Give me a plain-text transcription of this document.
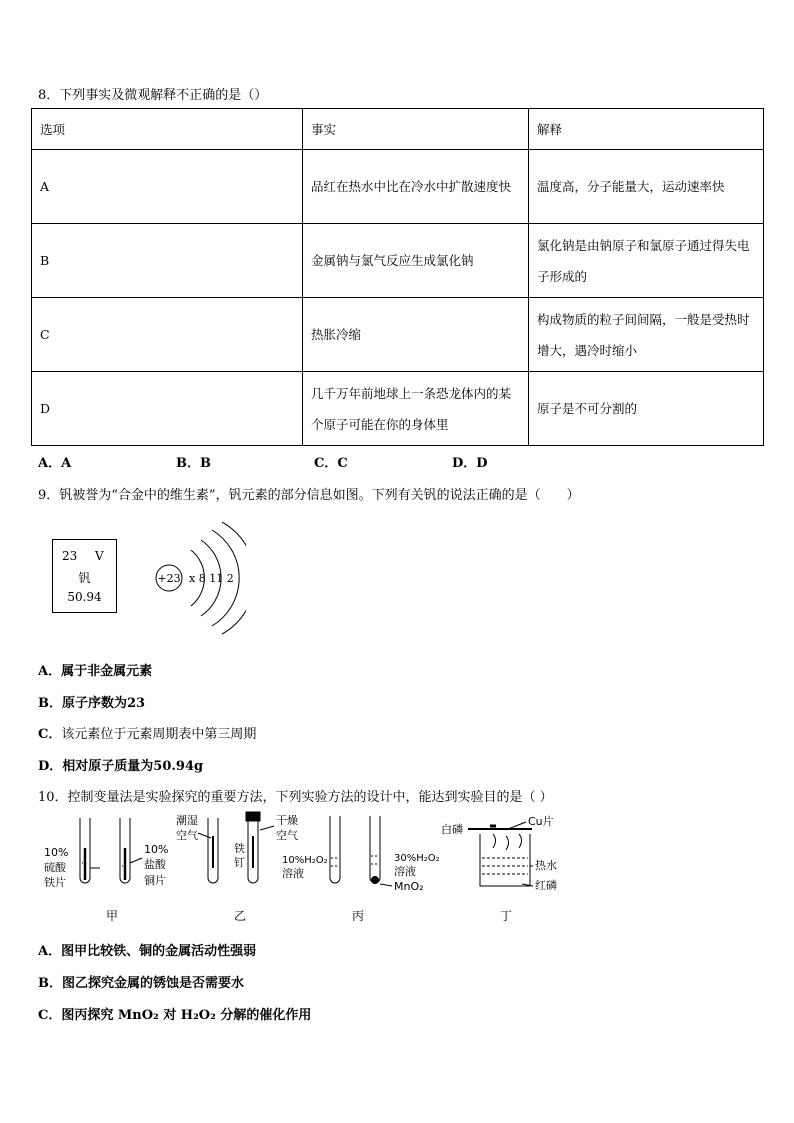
8．下列事实及微观解释不正确的是（）
选项	事实	解释
A	品红在热水中比在冷水中扩散速度快	温度高，分子能量大，运动速率快
B	金属钠与氯气反应生成氯化钠	氯化钠是由钠原子和氯原子通过得失电子形成的
C	热胀冷缩	构成物质的粒子间间隔，一般是受热时增大，遇冷时缩小
D	几千万年前地球上一条恐龙体内的某个原子可能在你的身体里	原子是不可分割的
A．A	B．B	C．C	D．D
9．钒被誉为“合金中的维生素”，钒元素的部分信息如图。下列有关钒的说法正确的是（　　）
23 V
钒
50.94
+23 x 8 11 2
A．属于非金属元素
B．原子序数为23
C．该元素位于元素周期表中第三周期
D．相对原子质量为50.94g
10．控制变量法是实验探究的重要方法，下列实验方法的设计中，能达到实验目的是（ ）
10%
硫酸
铁片
10%
盐酸
铜片
甲
潮湿
空气
铁
钉
干燥
空气
乙
10%H₂O₂
溶液
30%H₂O₂
溶液
MnO₂
丙
白磷
Cu片
热水
红磷
丁
A．图甲比较铁、铜的金属活动性强弱
B．图乙探究金属的锈蚀是否需要水
C．图丙探究 MnO₂ 对 H₂O₂ 分解的催化作用
